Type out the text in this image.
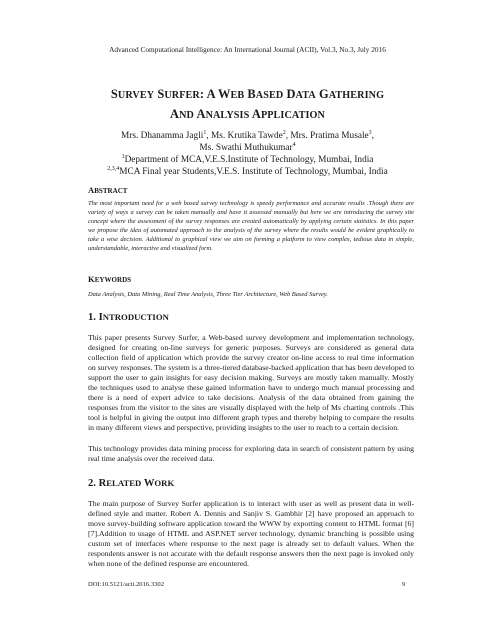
Advanced Computational Intelligence: An International Journal (ACII), Vol.3, No.3, July 2016
SURVEY SURFER: A WEB BASED DATA GATHERING
AND ANALYSIS APPLICATION
Mrs. Dhanamma Jagli$^1$, Ms. Krutika Tawde$^2$, Mrs. Pratima Musale$^3$,
Ms. Swathi Muthukumar$^4$
$^1$Department of MCA,V.E.S.Institute of Technology, Mumbai, India
$^{2,3,4}$MCA Final year Students,V.E.S. Institute of Technology, Mumbai, India
ABSTRACT
The most important need for a web based survey technology is speedy performance and accurate results .Though there are variety of ways a survey can be taken manually and have it assessed manually but here we are introducing the survey site concept where the assessment of the survey responses are created automatically by applying certain statistics. In this paper we propose the idea of automated approach to the analysis of the survey where the results would be evident graphically to take a wise decision. Additional to graphical view we aim on forming a platform to view complex, tedious data in simple, understandable, interactive and visualized form.
KEYWORDS
Data Analysis, Data Mining, Real Time Analysis, Three Tier Architecture, Web Based Survey.
1. INTRODUCTION
This paper presents Survey Surfer, a Web-based survey development and implementation technology, designed for creating on-line surveys for generic purposes. Surveys are considered as general data collection field of application which provide the survey creator on-line access to real time information on survey responses. The system is a three-tiered database-backed application that has been developed to support the user to gain insights for easy decision making. Surveys are mostly taken manually. Mostly the techniques used to analyse these gained information have to undergo much manual processing and there is a need of expert advice to take decisions. Analysis of the data obtained from gaining the responses from the visitor to the sites are visually displayed with the help of Ms charting controls .This tool is helpful in giving the output into different graph types and thereby helping to compare the results in many different views and perspective, providing insights to the user to reach to a certain decision.
This technology provides data mining process for exploring data in search of consistent pattern by using real time analysis over the received data.
2. RELATED WORK
The main purpose of Survey Surfer application is to interact with user as well as present data in well-defined style and matter. Robert A. Dennis and Sanjiv S. Gambhir [2] have proposed an approach to move survey-building software application toward the WWW by exporting content to HTML format [6][7].Addition to usage of HTML and ASP.NET server technology, dynamic branching is possible using custom set of interfaces where response to the next page is already set to default values. When the respondents answer is not accurate with the default response answers then the next page is invoked only when none of the defined response are encountered.
DOI:10.5121/acii.2016.3302	9
